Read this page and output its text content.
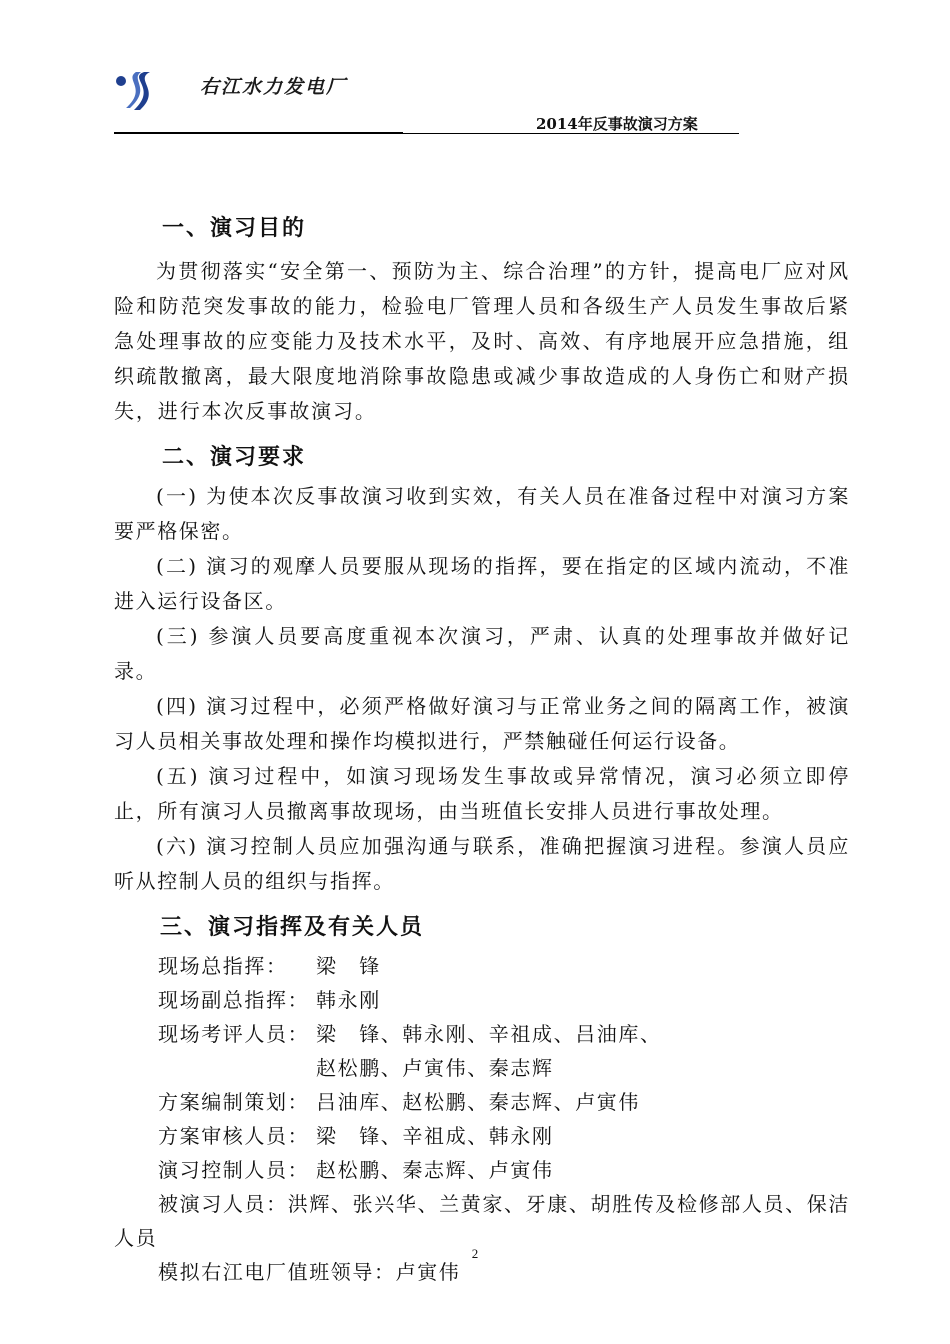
右江水力发电厂
2014年反事故演习方案
一、演习目的

为贯彻落实“安全第一、预防为主、综合治理”的方针，提高电厂应对风险和防范突发事故的能力，检验电厂管理人员和各级生产人员发生事故后紧急处理事故的应变能力及技术水平，及时、高效、有序地展开应急措施，组织疏散撤离，最大限度地消除事故隐患或减少事故造成的人身伤亡和财产损失，进行本次反事故演习。

二、演习要求

(一) 为使本次反事故演习收到实效，有关人员在准备过程中对演习方案要严格保密。

(二) 演习的观摩人员要服从现场的指挥，要在指定的区域内流动，不准进入运行设备区。

(三) 参演人员要高度重视本次演习，严肃、认真的处理事故并做好记录。

(四) 演习过程中，必须严格做好演习与正常业务之间的隔离工作，被演习人员相关事故处理和操作均模拟进行，严禁触碰任何运行设备。

(五) 演习过程中，如演习现场发生事故或异常情况，演习必须立即停止，所有演习人员撤离事故现场，由当班值长安排人员进行事故处理。

(六) 演习控制人员应加强沟通与联系，准确把握演习进程。参演人员应听从控制人员的组织与指挥。

三、演习指挥及有关人员
现场总指挥： 梁　锋
现场副总指挥： 韩永刚
现场考评人员： 梁　锋、韩永刚、辛祖成、吕油库、
赵松鹏、卢寅伟、秦志辉
方案编制策划： 吕油库、赵松鹏、秦志辉、卢寅伟
方案审核人员： 梁　锋、辛祖成、韩永刚
演习控制人员： 赵松鹏、秦志辉、卢寅伟

被演习人员：洪辉、张兴华、兰黄家、牙康、胡胜传及检修部人员、保洁人员

模拟右江电厂值班领导：卢寅伟
2
